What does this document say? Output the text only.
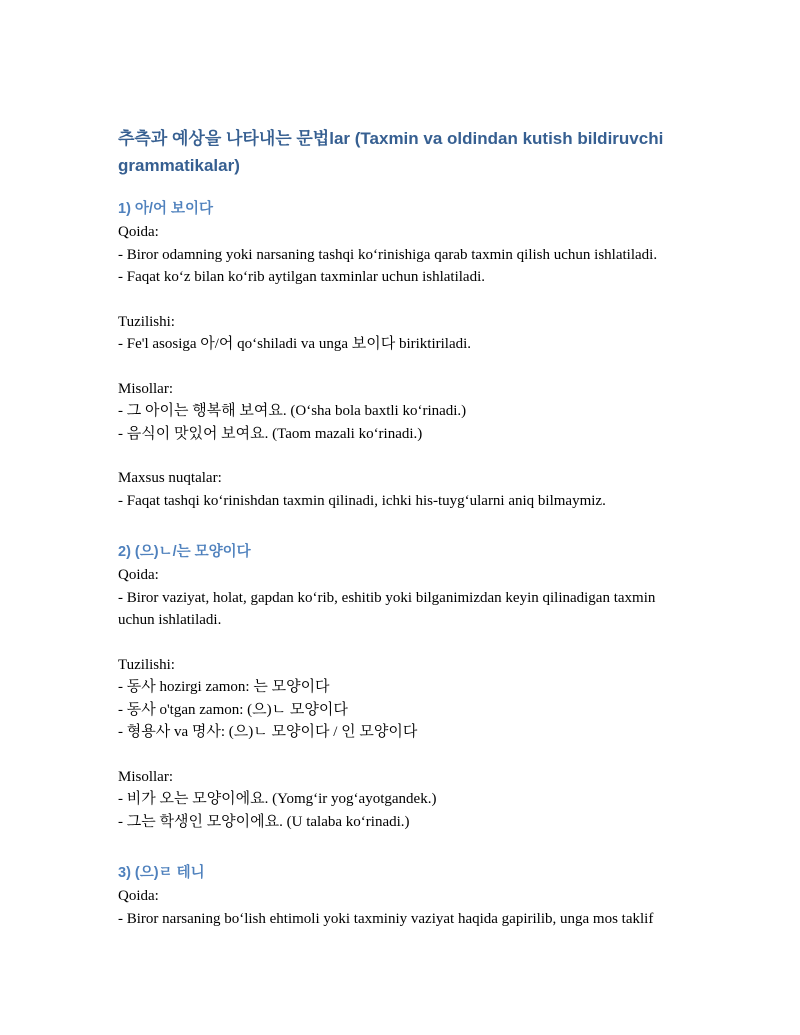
추측과 예상을 나타내는 문법lar (Taxmin va oldindan kutish bildiruvchi grammatikalar)
1) 아/어 보이다
Qoida:
- Biror odamning yoki narsaning tashqi ko‘rinishiga qarab taxmin qilish uchun ishlatiladi.
- Faqat ko‘z bilan ko‘rib aytilgan taxminlar uchun ishlatiladi.
Tuzilishi:
- Fe'l asosiga 아/어 qo‘shiladi va unga 보이다 biriktiriladi.
Misollar:
- 그 아이는 행복해 보여요. (O‘sha bola baxtli ko‘rinadi.)
- 음식이 맛있어 보여요. (Taom mazali ko‘rinadi.)
Maxsus nuqtalar:
- Faqat tashqi ko‘rinishdan taxmin qilinadi, ichki his-tuyg‘ularni aniq bilmaymiz.
2) (으)ㄴ/는 모양이다
Qoida:
- Biror vaziyat, holat, gapdan ko‘rib, eshitib yoki bilganimizdan keyin qilinadigan taxmin uchun ishlatiladi.
Tuzilishi:
- 동사 hozirgi zamon: 는 모양이다
- 동사 o'tgan zamon: (으)ㄴ 모양이다
- 형용사 va 명사: (으)ㄴ 모양이다 / 인 모양이다
Misollar:
- 비가 오는 모양이에요. (Yomg‘ir yog‘ayotgandek.)
- 그는 학생인 모양이에요. (U talaba ko‘rinadi.)
3) (으)ㄹ 테니
Qoida:
- Biror narsaning bo‘lish ehtimoli yoki taxminiy vaziyat haqida gapirilib, unga mos taklif
